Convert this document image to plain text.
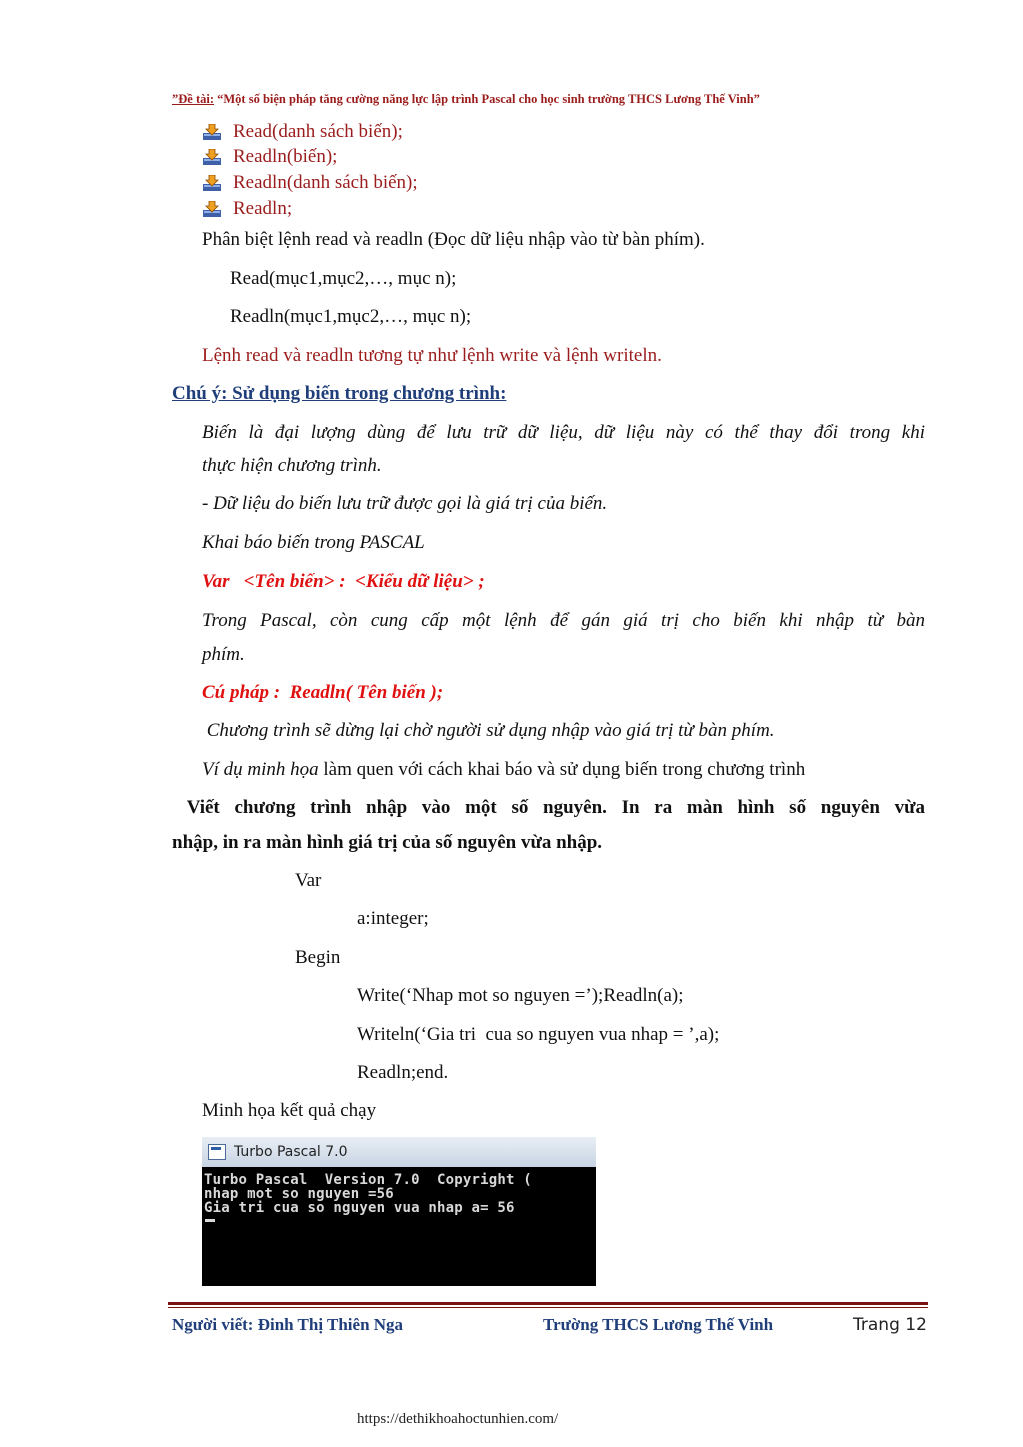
”Đề tài: “Một số biện pháp tăng cường năng lực lập trình Pascal cho học sinh trường THCS Lương Thế Vinh”
Read(danh sách biến);
Readln(biến);
Readln(danh sách biến);
Readln;
Phân biệt lệnh read và readln (Đọc dữ liệu nhập vào từ bàn phím).
Read(mục1,mục2,…, mục n);
Readln(mục1,mục2,…, mục n);
Lệnh read và readln tương tự như lệnh write và lệnh writeln.
Chú ý: Sử dụng biến trong chương trình:
Biến là đại lượng dùng để lưu trữ dữ liệu, dữ liệu này có thể thay đổi trong khi
thực hiện chương trình.
- Dữ liệu do biến lưu trữ được gọi là giá trị của biến.
Khai báo biến trong PASCAL
Var   <Tên biến> :  <Kiểu dữ liệu> ;
Trong Pascal, còn cung cấp một lệnh để gán giá trị cho biến khi nhập từ bàn
phím.
Cú pháp :  Readln( Tên biến );
Chương trình sẽ dừng lại chờ người sử dụng nhập vào giá trị từ bàn phím.
Ví dụ minh họa làm quen với cách khai báo và sử dụng biến trong chương trình
Viết chương trình nhập vào một số nguyên. In ra màn hình số nguyên vừa
nhập, in ra màn hình giá trị của số nguyên vừa nhập.
Var
a:integer;
Begin
Write(‘Nhap mot so nguyen =’);Readln(a);
Writeln(‘Gia tri  cua so nguyen vua nhap = ’,a);
Readln;end.
Minh họa kết quả chạy
Turbo Pascal 7.0
Turbo Pascal  Version 7.0  Copyright (
nhap mot so nguyen =56
Gia tri cua so nguyen vua nhap a= 56
Người viết: Đinh Thị Thiên Nga	Trường THCS Lương Thế Vinh	Trang 12
https://dethikhoahoctunhien.com/
